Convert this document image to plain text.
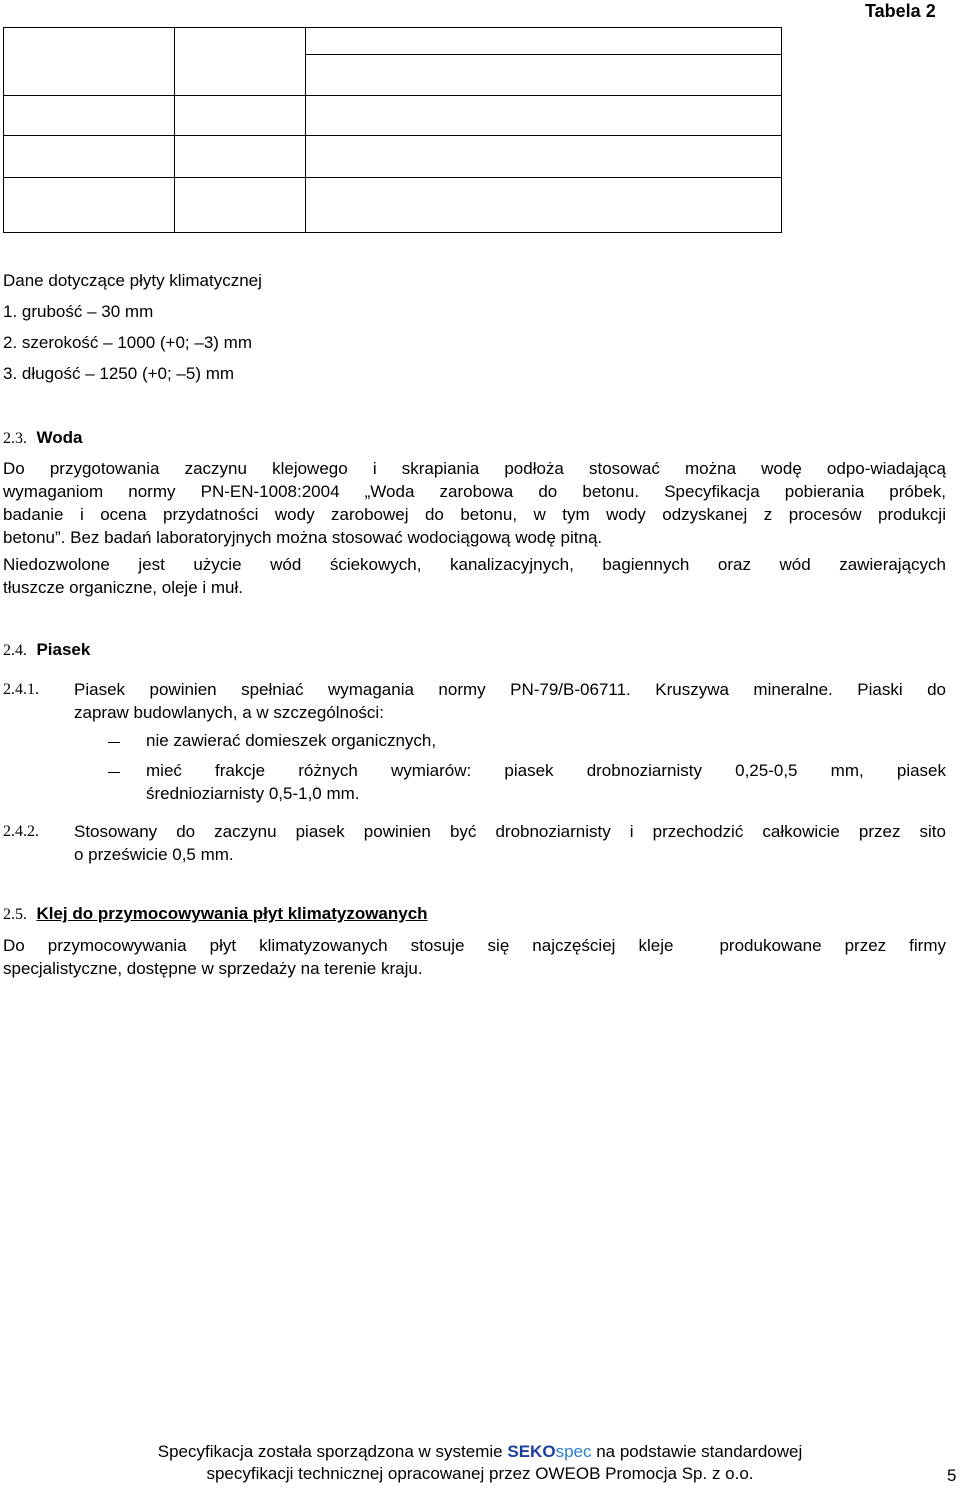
Tabela 2
Dane dotyczące płyty klimatycznej
1. grubość – 30 mm
2. szerokość – 1000 (+0; –3) mm
3. długość – 1250 (+0; –5) mm
2.3. Woda
Do przygotowania zaczynu klejowego i skrapiania podłoża stosować można wodę odpo-wiadającą
wymaganiom normy PN-EN-1008:2004 „Woda zarobowa do betonu. Specyfikacja pobierania próbek,
badanie i ocena przydatności wody zarobowej do betonu, w tym wody odzyskanej z procesów produkcji
betonu”. Bez badań laboratoryjnych można stosować wodociągową wodę pitną.
Niedozwolone jest użycie wód ściekowych, kanalizacyjnych, bagiennych oraz wód zawierających
tłuszcze organiczne, oleje i muł.
2.4. Piasek
2.4.1. Piasek powinien spełniać wymagania normy PN-79/B-06711. Kruszywa mineralne. Piaski do
zapraw budowlanych, a w szczególności:
nie zawierać domieszek organicznych,
mieć frakcje różnych wymiarów: piasek drobnoziarnisty 0,25-0,5 mm, piasek
średnioziarnisty 0,5-1,0 mm.
2.4.2. Stosowany do zaczynu piasek powinien być drobnoziarnisty i przechodzić całkowicie przez sito
o prześwicie 0,5 mm.
2.5. Klej do przymocowywania płyt klimatyzowanych
Do przymocowywania płyt klimatyzowanych stosuje się najczęściej kleje  produkowane przez firmy
specjalistyczne, dostępne w sprzedaży na terenie kraju.
Specyfikacja została sporządzona w systemie SEKOspec na podstawie standardowej
specyfikacji technicznej opracowanej przez OWEOB Promocja Sp. z o.o.	5
